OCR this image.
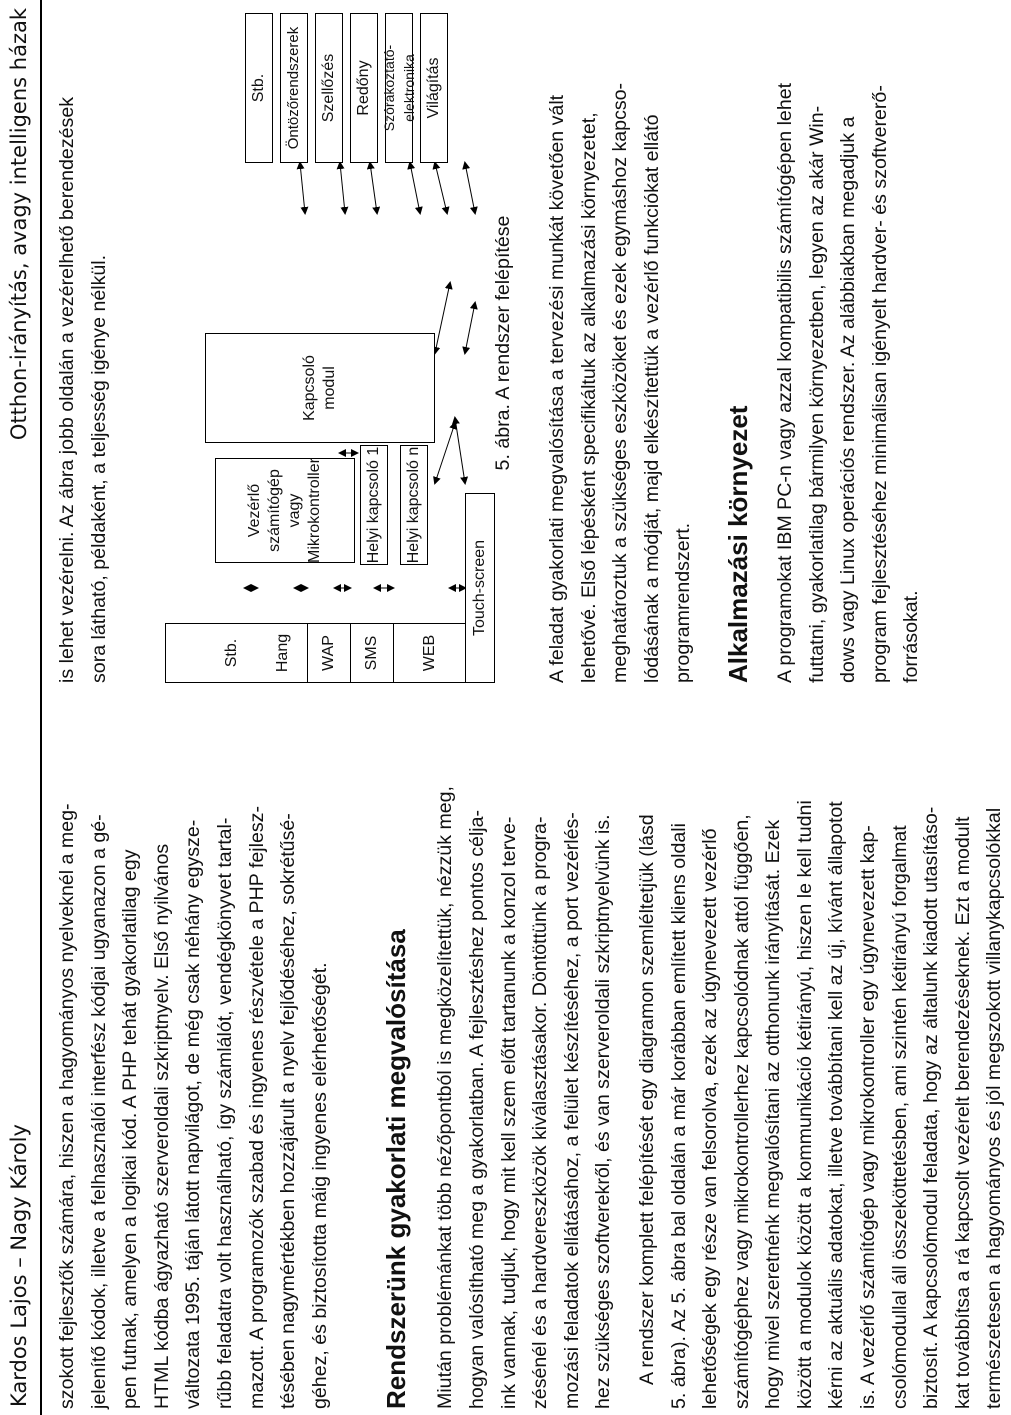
Kardos Lajos – Nagy Károly
Otthon-irányítás, avagy intelligens házak

szokott fejlesztők számára, hiszen a hagyományos nyelveknél a meg- jelenítő kódok, illetve a felhasználói interfész kódjai ugyanazon a gé- pen futnak, amelyen a logikai kód. A PHP tehát gyakorlatilag egy HTML kódba ágyazható szerveroldali szkriptnyelv. Első nyilvános változata 1995. táján látott napvilágot, de még csak néhány egysze- rűbb feladatra volt használható, így számlálót, vendégkönyvet tartal- mazott. A programozók szabad és ingyenes részvétele a PHP fejlesz- tésében nagymértékben hozzájárult a nyelv fejlődéséhez, sokrétűsé- géhez, és biztosította máig ingyenes elérhetőségét. Rendszerünk gyakorlati megvalósítása Miután problémánkat több nézőpontból is megközelítettük, nézzük meg, hogyan valósítható meg a gyakorlatban. A fejlesztéshez pontos célja- ink vannak, tudjuk, hogy mit kell szem előtt tartanunk a konzol terve- zésénél és a hardvereszközök kiválasztásakor. Döntöttünk a progra- mozási feladatok ellátásához, a felület készítéséhez, a port vezérlés- hez szükséges szoftverekről, és van szerveroldali szkriptnyelvünk is. A rendszer komplett felépítését egy diagramon szemléltetjük (lásd 5. ábra). Az 5. ábra bal oldalán a már korábban említett kliens oldali lehetőségek egy része van felsorolva, ezek az úgynevezett vezérlő számítógéphez vagy mikrokontrollerhez kapcsolódnak attól függően, hogy mivel szeretnénk megvalósítani az otthonunk irányítását. Ezek között a modulok között a kommunikáció kétirányú, hiszen le kell tudni kérni az aktuális adatokat, illetve továbbítani kell az új, kívánt állapotot is. A vezérlő számítógép vagy mikrokontroller egy úgynevezett kap- csolómodullal áll összeköttetésben, ami szintén kétirányú forgalmat biztosít. A kapcsolómodul feladata, hogy az általunk kiadott utasításo- kat továbbítsa a rá kapcsolt vezérelt berendezéseknek. Ezt a modult természetesen a hagyományos és jól megszokott villanykapcsolókkal

is lehet vezérelni. Az ábra jobb oldalán a vezérelhető berendezések sora látható, példaként, a teljesség igénye nélkül.	Touch-screen
WEB
SMS
WAP
Hang
Stb.
Helyi kapcsoló 1 Helyi kapcsoló n
Vezérlő számítógép vagy Mikrokontroller
Kapcsoló modul
Világítás
Szórakoztató-elektronika
Redőny
Szellőzés
Öntözőrendszerek
Stb.
5. ábra. A rendszer felépítése A feladat gyakorlati megvalósítása a tervezési munkát követően vált lehetővé. Első lépésként specifikáltuk az alkalmazási környezetet, meghatároztuk a szükséges eszközöket és ezek egymáshoz kapcso- lódásának a módját, majd elkészítettük a vezérlő funkciókat ellátó programrendszert. Alkalmazási környezet A programokat IBM PC-n vagy azzal kompatibilis számítógépen lehet futtatni, gyakorlatilag bármilyen környezetben, legyen az akár Win- dows vagy Linux operációs rendszer. Az alábbiakban megadjuk a program fejlesztéséhez minimálisan igényelt hardver- és szoftvererő- forrásokat.
